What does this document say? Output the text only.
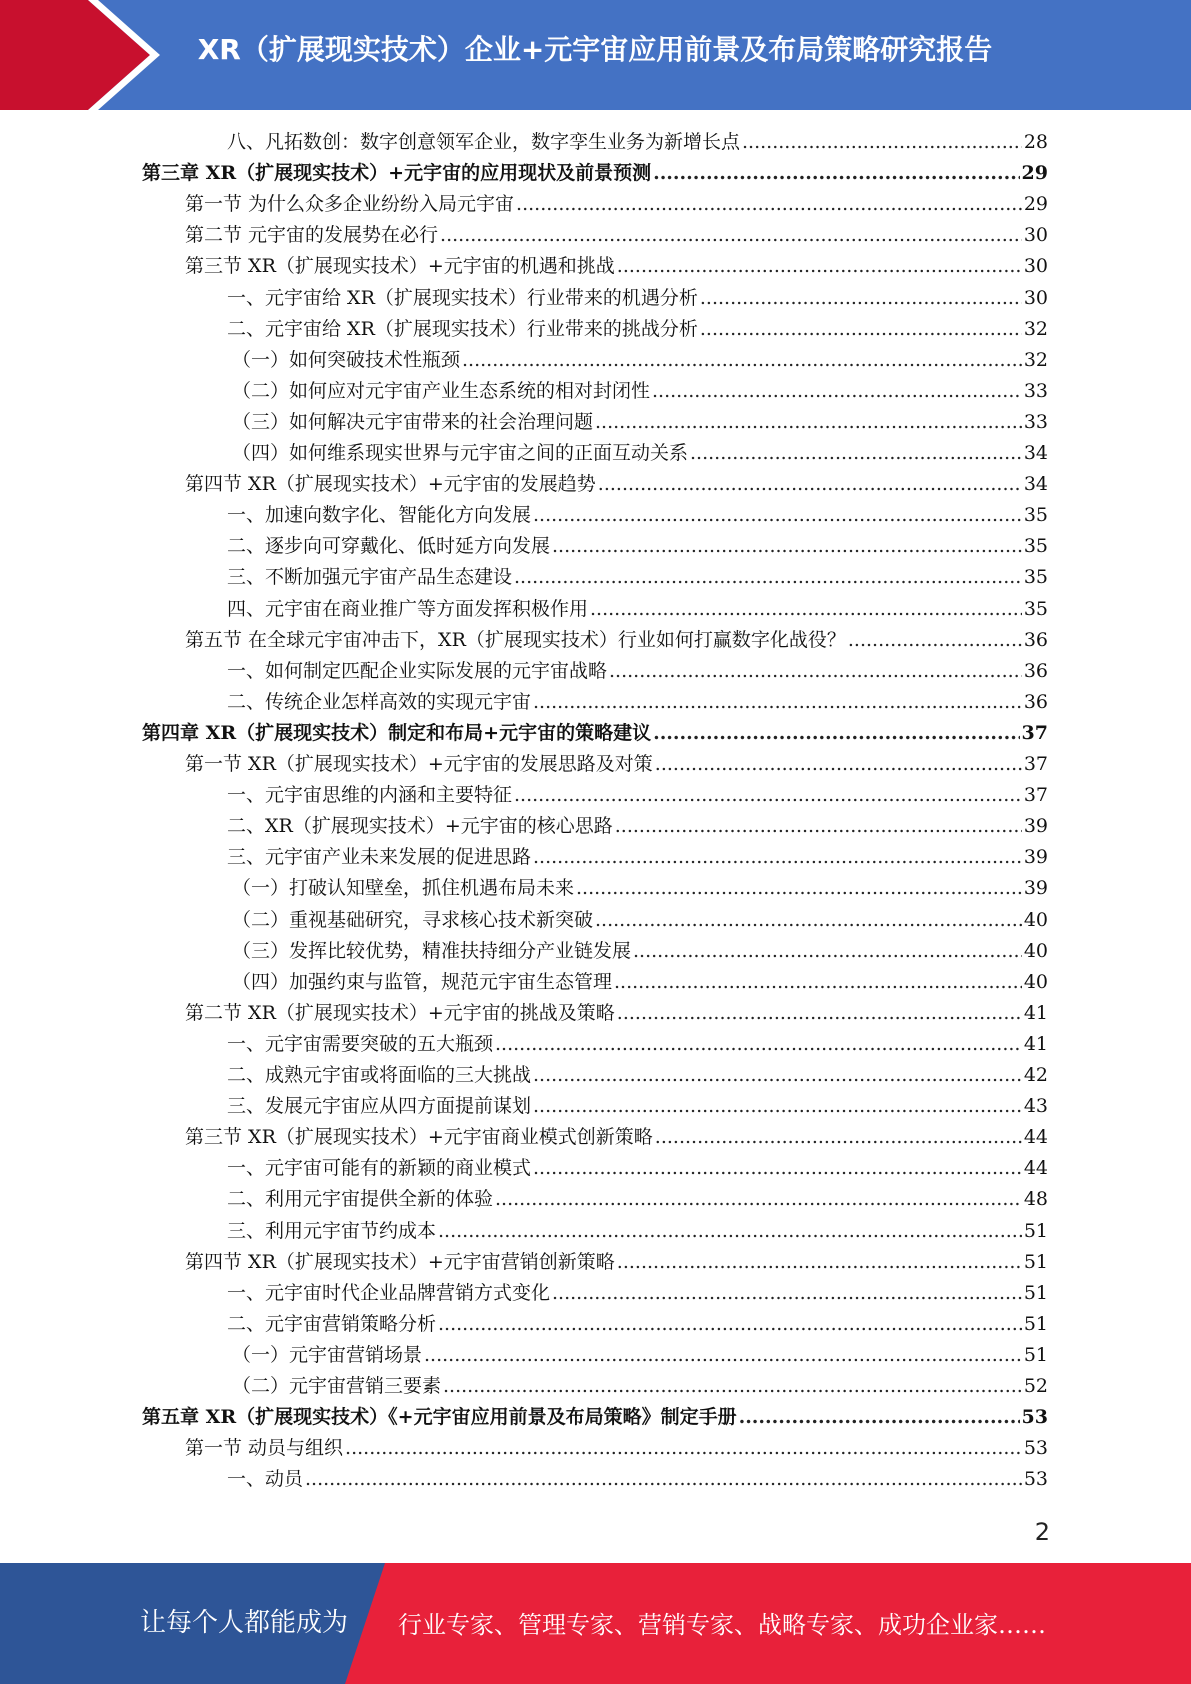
XR（扩展现实技术）企业+元宇宙应用前景及布局策略研究报告
八、凡拓数创：数字创意领军企业，数字孪生业务为新增长点 .....	28
第三章 XR（扩展现实技术）+元宇宙的应用现状及前景预测 .....	29
第一节 为什么众多企业纷纷入局元宇宙 .....	29
第二节 元宇宙的发展势在必行 .....	30
第三节 XR（扩展现实技术）+元宇宙的机遇和挑战 .....	30
一、元宇宙给 XR（扩展现实技术）行业带来的机遇分析 .....	30
二、元宇宙给 XR（扩展现实技术）行业带来的挑战分析 .....	32
（一）如何突破技术性瓶颈 .....	32
（二）如何应对元宇宙产业生态系统的相对封闭性 .....	33
（三）如何解决元宇宙带来的社会治理问题 .....	33
（四）如何维系现实世界与元宇宙之间的正面互动关系 .....	34
第四节 XR（扩展现实技术）+元宇宙的发展趋势 .....	34
一、加速向数字化、智能化方向发展 .....	35
二、逐步向可穿戴化、低时延方向发展 .....	35
三、不断加强元宇宙产品生态建设 .....	35
四、元宇宙在商业推广等方面发挥积极作用 .....	35
第五节 在全球元宇宙冲击下，XR（扩展现实技术）行业如何打赢数字化战役？ .....	36
一、如何制定匹配企业实际发展的元宇宙战略 .....	36
二、传统企业怎样高效的实现元宇宙 .....	36
第四章 XR（扩展现实技术）制定和布局+元宇宙的策略建议 .....	37
第一节 XR（扩展现实技术）+元宇宙的发展思路及对策 .....	37
一、元宇宙思维的内涵和主要特征 .....	37
二、XR（扩展现实技术）+元宇宙的核心思路 .....	39
三、元宇宙产业未来发展的促进思路 .....	39
（一）打破认知壁垒，抓住机遇布局未来 .....	39
（二）重视基础研究，寻求核心技术新突破 .....	40
（三）发挥比较优势，精准扶持细分产业链发展 .....	40
（四）加强约束与监管，规范元宇宙生态管理 .....	40
第二节 XR（扩展现实技术）+元宇宙的挑战及策略 .....	41
一、元宇宙需要突破的五大瓶颈 .....	41
二、成熟元宇宙或将面临的三大挑战 .....	42
三、发展元宇宙应从四方面提前谋划 .....	43
第三节 XR（扩展现实技术）+元宇宙商业模式创新策略 .....	44
一、元宇宙可能有的新颖的商业模式 .....	44
二、利用元宇宙提供全新的体验 .....	48
三、利用元宇宙节约成本 .....	51
第四节 XR（扩展现实技术）+元宇宙营销创新策略 .....	51
一、元宇宙时代企业品牌营销方式变化 .....	51
二、元宇宙营销策略分析 .....	51
（一）元宇宙营销场景 .....	51
（二）元宇宙营销三要素 .....	52
第五章 XR（扩展现实技术）《+元宇宙应用前景及布局策略》制定手册 .....	53
第一节 动员与组织 .....	53
一、动员 .....	53
2
让每个人都能成为 行业专家、管理专家、营销专家、战略专家、成功企业家……
